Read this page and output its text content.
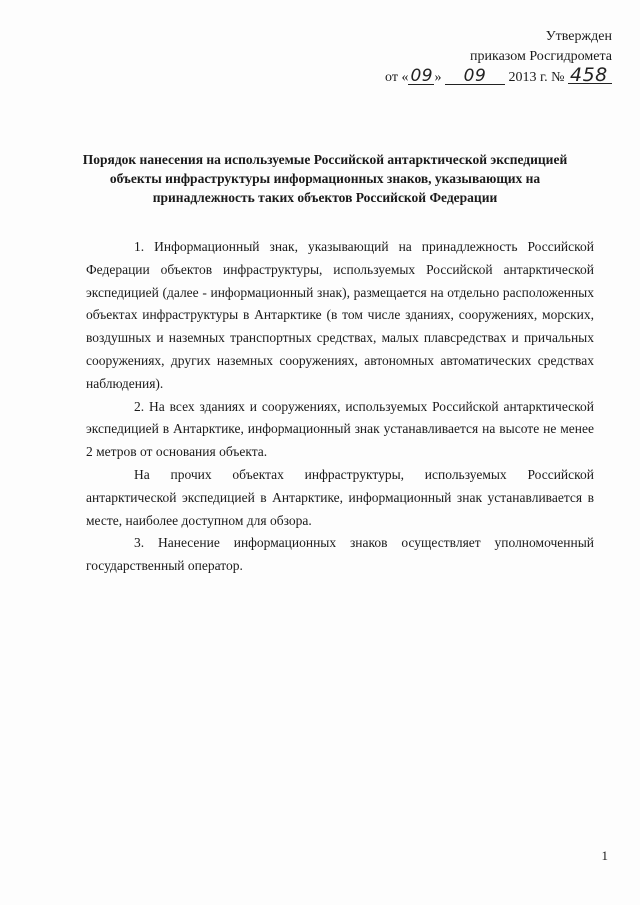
Утвержден
приказом Росгидромета
от « 09» 09 2013 г. № 458
Порядок нанесения на используемые Российской антарктической экспедицией
объекты инфраструктуры информационных знаков, указывающих на
принадлежность таких объектов Российской Федерации

1. Информационный знак, указывающий на принадлежность Российской Федерации объектов инфраструктуры, используемых Российской антарктической экспедицией (далее - информационный знак), размещается на отдельно расположенных объектах инфраструктуры в Антарктике (в том числе зданиях, сооружениях, морских, воздушных и наземных транспортных средствах, малых плавсредствах и причальных сооружениях, других наземных сооружениях, автономных автоматических средствах наблюдения).

2. На всех зданиях и сооружениях, используемых Российской антарктической экспедицией в Антарктике, информационный знак устанавливается на высоте не менее 2 метров от основания объекта.

На прочих объектах инфраструктуры, используемых Российской антарктической экспедицией в Антарктике, информационный знак устанавливается в месте, наиболее доступном для обзора.

3. Нанесение информационных знаков осуществляет уполномоченный государственный оператор.

1
